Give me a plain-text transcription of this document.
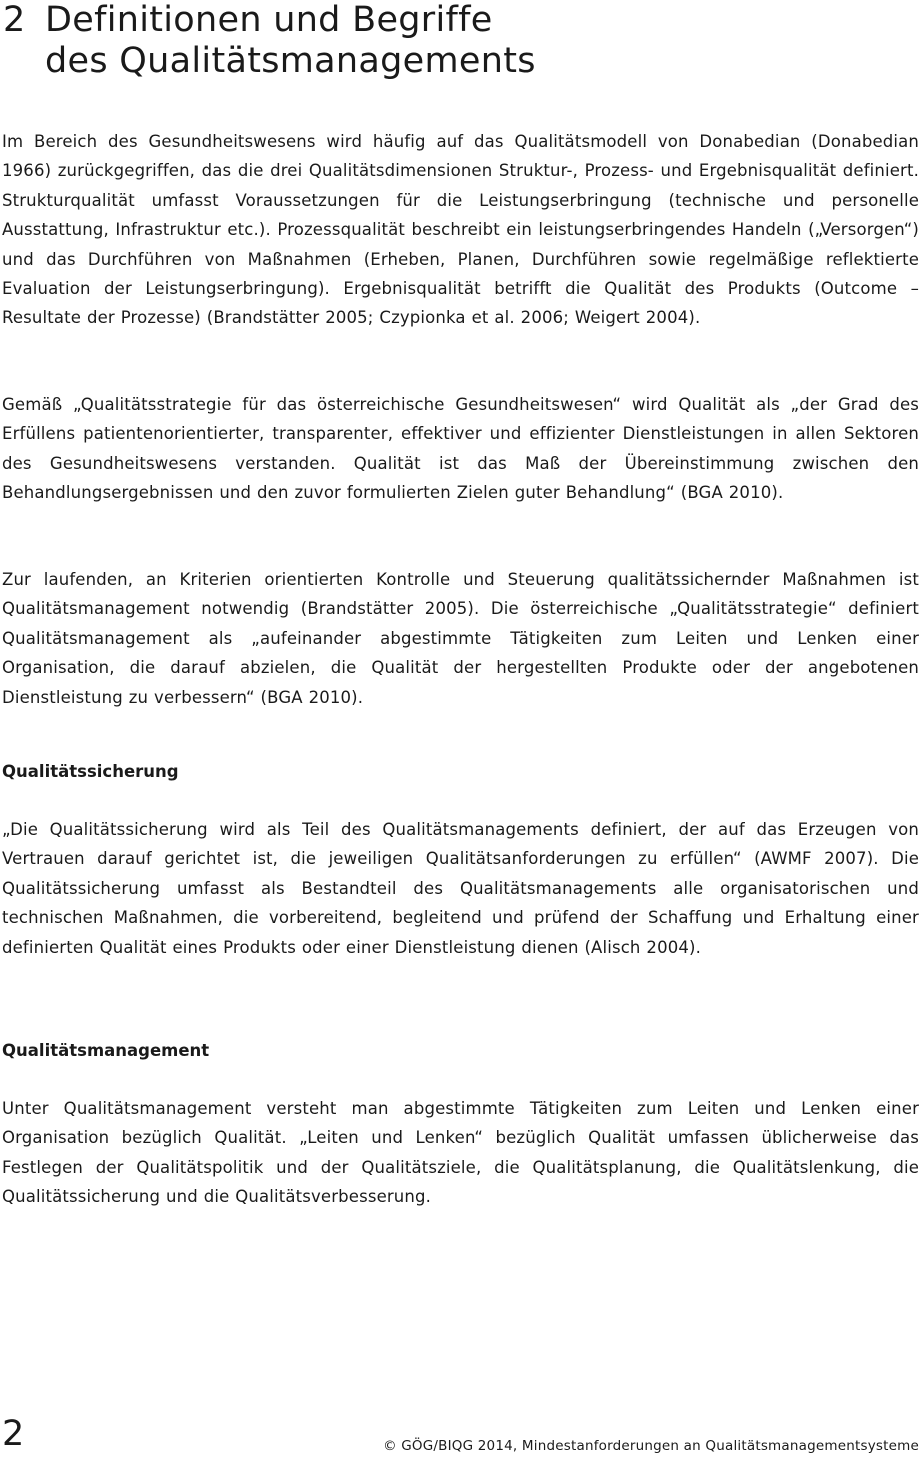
2 Definitionen und Begriffe
des Qualitätsmanagements

Im Bereich des Gesundheitswesens wird häufig auf das Qualitätsmodell von Donabedian (Donabedian 1966) zurückgegriffen, das die drei Qualitätsdimensionen Struktur-, Prozess- und Ergebnisqualität definiert. Strukturqualität umfasst Voraussetzungen für die Leistungserbringung (technische und personelle Ausstattung, Infrastruktur etc.). Prozessqualität beschreibt ein leistungserbringendes Handeln („Versorgen“) und das Durchführen von Maßnahmen (Erheben, Planen, Durchführen sowie regelmäßige reflektierte Evaluation der Leistungserbringung). Ergebnisqualität betrifft die Qualität des Produkts (Outcome – Resultate der Prozesse) (Brandstätter 2005; Czypionka et al. 2006; Weigert 2004).

Gemäß „Qualitätsstrategie für das österreichische Gesundheitswesen“ wird Qualität als „der Grad des Erfüllens patientenorientierter, transparenter, effektiver und effizienter Dienstleistungen in allen Sektoren des Gesundheitswesens verstanden. Qualität ist das Maß der Übereinstimmung zwischen den Behandlungsergebnissen und den zuvor formulierten Zielen guter Behandlung“ (BGA 2010).

Zur laufenden, an Kriterien orientierten Kontrolle und Steuerung qualitätssichernder Maßnahmen ist Qualitätsmanagement notwendig (Brandstätter 2005). Die österreichische „Qualitätsstrategie“ definiert Qualitätsmanagement als „aufeinander abgestimmte Tätigkeiten zum Leiten und Lenken einer Organisation, die darauf abzielen, die Qualität der hergestellten Produkte oder der angebotenen Dienstleistung zu verbessern“ (BGA 2010).

Qualitätssicherung

„Die Qualitätssicherung wird als Teil des Qualitätsmanagements definiert, der auf das Erzeugen von Vertrauen darauf gerichtet ist, die jeweiligen Qualitätsanforderungen zu erfüllen“ (AWMF 2007). Die Qualitätssicherung umfasst als Bestandteil des Qualitätsmanagements alle organisatorischen und technischen Maßnahmen, die vorbereitend, begleitend und prüfend der Schaffung und Erhaltung einer definierten Qualität eines Produkts oder einer Dienstleistung dienen (Alisch 2004).

Qualitätsmanagement

Unter Qualitätsmanagement versteht man abgestimmte Tätigkeiten zum Leiten und Lenken einer Organisation bezüglich Qualität. „Leiten und Lenken“ bezüglich Qualität umfassen üblicherweise das Festlegen der Qualitätspolitik und der Qualitätsziele, die Qualitätsplanung, die Qualitätslenkung, die Qualitätssicherung und die Qualitätsverbesserung.

2	© GÖG/BIQG 2014, Mindestanforderungen an Qualitätsmanagementsysteme
